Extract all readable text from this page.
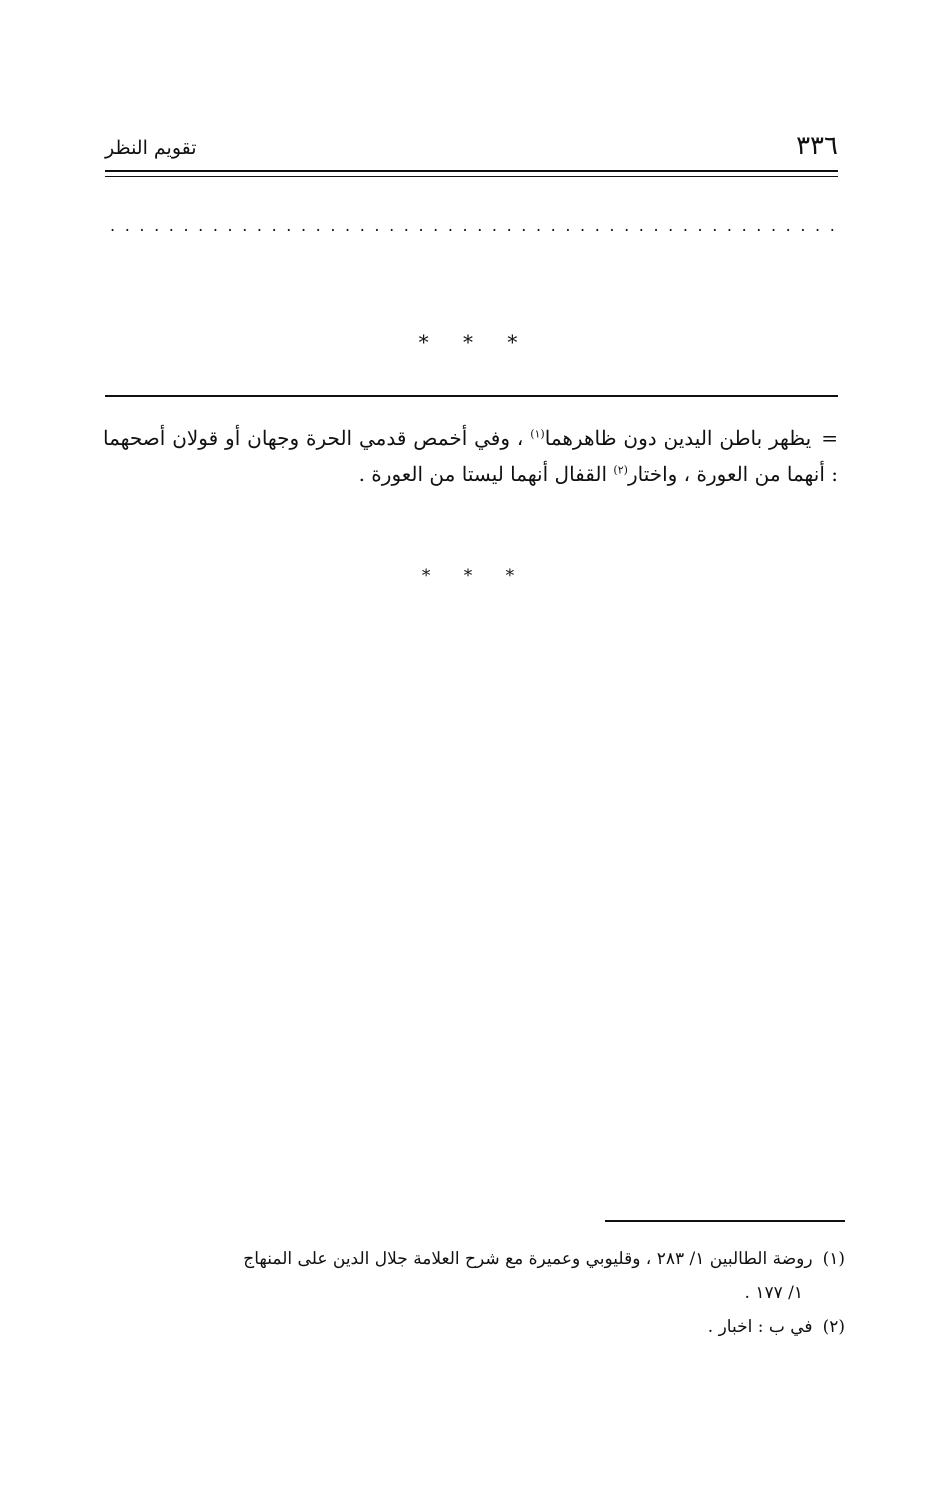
٣٣٦
تقويم النظر
. . . . . . . . . . . . . . . . . . . . . . . . . . . . . . . . . . . . . . . . . . . . . . . . . .
* * *
=يظهر باطن اليدين دون ظاهرهما$^{(١)}$ ، وفي أخمص قدمي الحرة وجهان أو قولان أصحهما : أنهما من العورة ، واختار$^{(٢)}$ القفال أنهما ليستا من العورة .
* * *
(١)روضة الطالبين ١/ ٢٨٣ ، وقليوبي وعميرة مع شرح العلامة جلال الدين على المنهاج
١/ ١٧٧ .
(٢)في ب : اخبار .
